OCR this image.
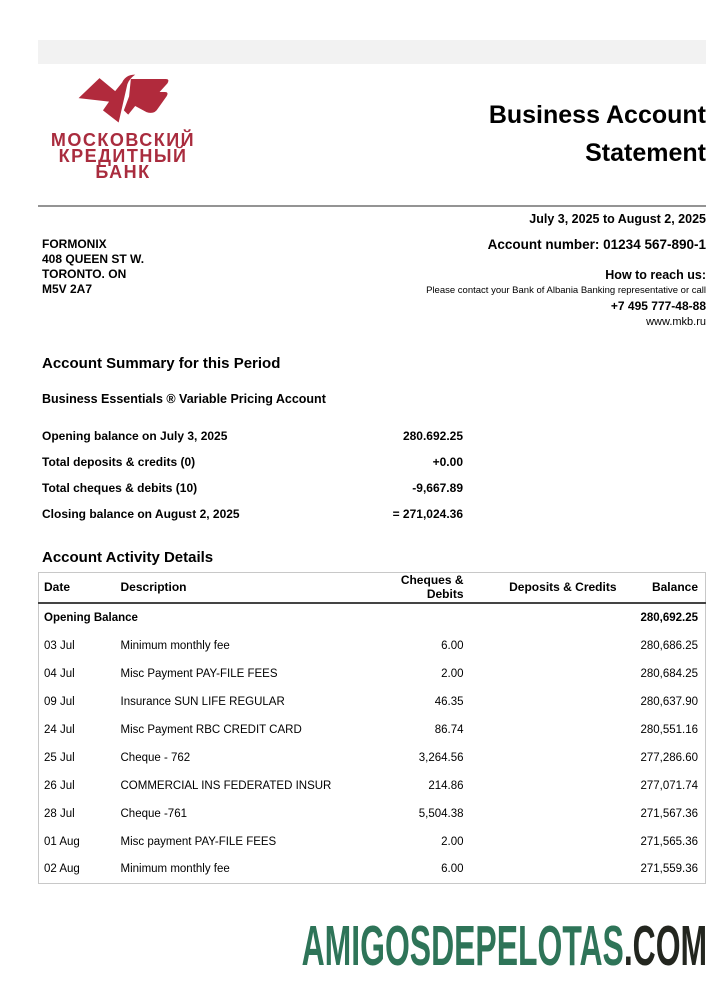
МОСКОВСКИЙ
КРЕДИТНЫЙ
БАНК
Business Account
Statement
July 3, 2025 to August 2, 2025
FORMONIX
408 QUEEN ST W.
TORONTO. ON
M5V 2A7
Account number: 01234 567-890-1
How to reach us:
Please contact your Bank of Albania Banking representative or call
+7 495 777-48-88
www.mkb.ru
Account Summary for this Period
Business Essentials ® Variable Pricing Account
Opening balance on July 3, 2025	280.692.25
Total deposits & credits (0)	+0.00
Total cheques & debits (10)	-9,667.89
Closing balance on August 2, 2025	= 271,024.36
Account Activity Details
Date	Description	Cheques & Debits	Deposits & Credits	Balance
Opening Balance				280,692.25
03 Jul	Minimum monthly fee	6.00		280,686.25
04 Jul	Misc Payment PAY-FILE FEES	2.00		280,684.25
09 Jul	Insurance SUN LIFE REGULAR	46.35		280,637.90
24 Jul	Misc Payment RBC CREDIT CARD	86.74		280,551.16
25 Jul	Cheque - 762	3,264.56		277,286.60
26 Jul	COMMERCIAL INS FEDERATED INSUR	214.86		277,071.74
28 Jul	Cheque -761	5,504.38		271,567.36
01 Aug	Misc payment PAY-FILE FEES	2.00		271,565.36
02 Aug	Minimum monthly fee	6.00		271,559.36
AMIGOSDEPELOTAS.COM
